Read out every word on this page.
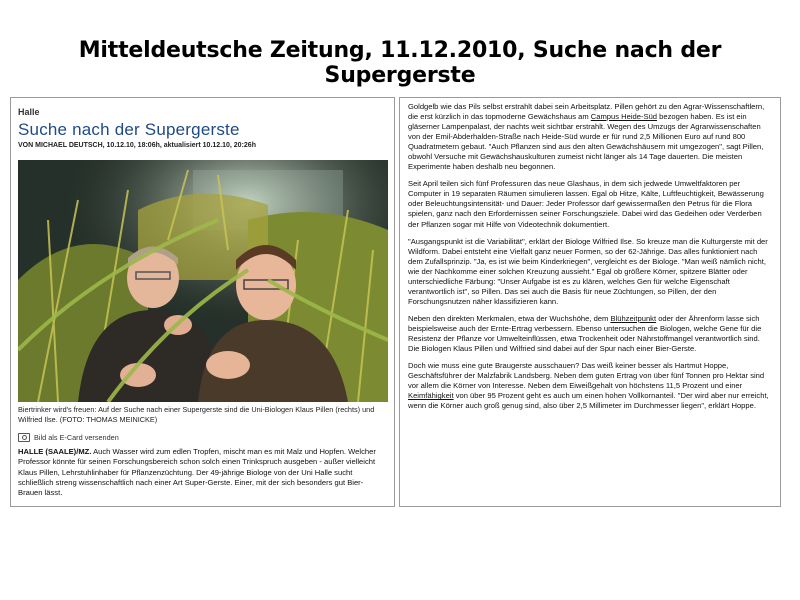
Mitteldeutsche Zeitung, 11.12.2010, Suche nach der Supergerste
Halle
Suche nach der Supergerste
VON MICHAEL DEUTSCH, 10.12.10, 18:06h, aktualisiert 10.12.10, 20:26h
Biertrinker wird's freuen: Auf der Suche nach einer Supergerste sind die Uni-Biologen Klaus Pillen (rechts) und Wilfried Ilse. (FOTO: THOMAS MEINICKE)
Bild als E-Card versenden
HALLE (SAALE)/MZ. Auch Wasser wird zum edlen Tropfen, mischt man es mit Malz und Hopfen. Welcher Professor könnte für seinen Forschungsbereich schon solch einen Trinkspruch ausgeben - außer vielleicht Klaus Pillen, Lehrstuhlinhaber für Pflanzenzüchtung. Der 49-jährige Biologe von der Uni Halle sucht schließlich streng wissenschaftlich nach einer Art Super-Gerste. Einer, mit der sich besonders gut Bier-Brauen lässt.

Goldgelb wie das Pils selbst erstrahlt dabei sein Arbeitsplatz. Pillen gehört zu den Agrar-Wissenschaftlern, die erst kürzlich in das topmoderne Gewächshaus am Campus Heide-Süd bezogen haben. Es ist ein gläserner Lampenpalast, der nachts weit sichtbar erstrahlt. Wegen des Umzugs der Agrarwissenschaften von der Emil-Abderhalden-Straße nach Heide-Süd wurde er für rund 2,5 Millionen Euro auf rund 800 Quadratmetern gebaut. "Auch Pflanzen sind aus den alten Gewächshäusern mit umgezogen", sagt Pillen, obwohl Versuche mit Gewächshauskulturen zumeist nicht länger als 14 Tage dauerten. Die meisten Experimente haben deshalb neu begonnen.

Seit April teilen sich fünf Professuren das neue Glashaus, in dem sich jedwede Umweltfaktoren per Computer in 19 separaten Räumen simulieren lassen. Egal ob Hitze, Kälte, Luftfeuchtigkeit, Bewässerung oder Beleuchtungsintensität- und Dauer: Jeder Professor darf gewissermaßen den Petrus für die Flora spielen, ganz nach den Erfordernissen seiner Forschungsziele. Dabei wird das Gedeihen oder Verderben der Pflanzen sogar mit Hilfe von Videotechnik dokumentiert.

"Ausgangspunkt ist die Variabilität", erklärt der Biologe Wilfried Ilse. So kreuze man die Kulturgerste mit der Wildform. Dabei entsteht eine Vielfalt ganz neuer Formen, so der 62-Jährige. Das alles funktioniert nach dem Zufallsprinzip. "Ja, es ist wie beim Kinderkriegen", vergleicht es der Biologe. "Man weiß nämlich nicht, wie der Nachkomme einer solchen Kreuzung aussieht." Egal ob größere Körner, spitzere Blätter oder unterschiedliche Färbung: "Unser Aufgabe ist es zu klären, welches Gen für welche Eigenschaft verantwortlich ist", so Pillen. Das sei auch die Basis für neue Züchtungen, so Pillen, der den Forschungsnutzen näher klassifizieren kann.

Neben den direkten Merkmalen, etwa der Wuchshöhe, dem Blühzeitpunkt oder der Ährenform lasse sich beispielsweise auch der Ernte-Ertrag verbessern. Ebenso untersuchen die Biologen, welche Gene für die Resistenz der Pflanze vor Umwelteinflüssen, etwa Trockenheit oder Nährstoffmangel verantwortlich sind. Die Biologen Klaus Pillen und Wilfried sind dabei auf der Spur nach einer Bier-Gerste.

Doch wie muss eine gute Braugerste ausschauen? Das weiß keiner besser als Hartmut Hoppe, Geschäftsführer der Malzfabrik Landsberg. Neben dem guten Ertrag von über fünf Tonnen pro Hektar sind vor allem die Körner von Interesse. Neben dem Eiweißgehalt von höchstens 11,5 Prozent und einer Keimfähigkeit von über 95 Prozent geht es auch um einen hohen Vollkornanteil. "Der wird aber nur erreicht, wenn die Körner auch groß genug sind, also über 2,5 Millimeter im Durchmesser liegen", erklärt Hoppe.
